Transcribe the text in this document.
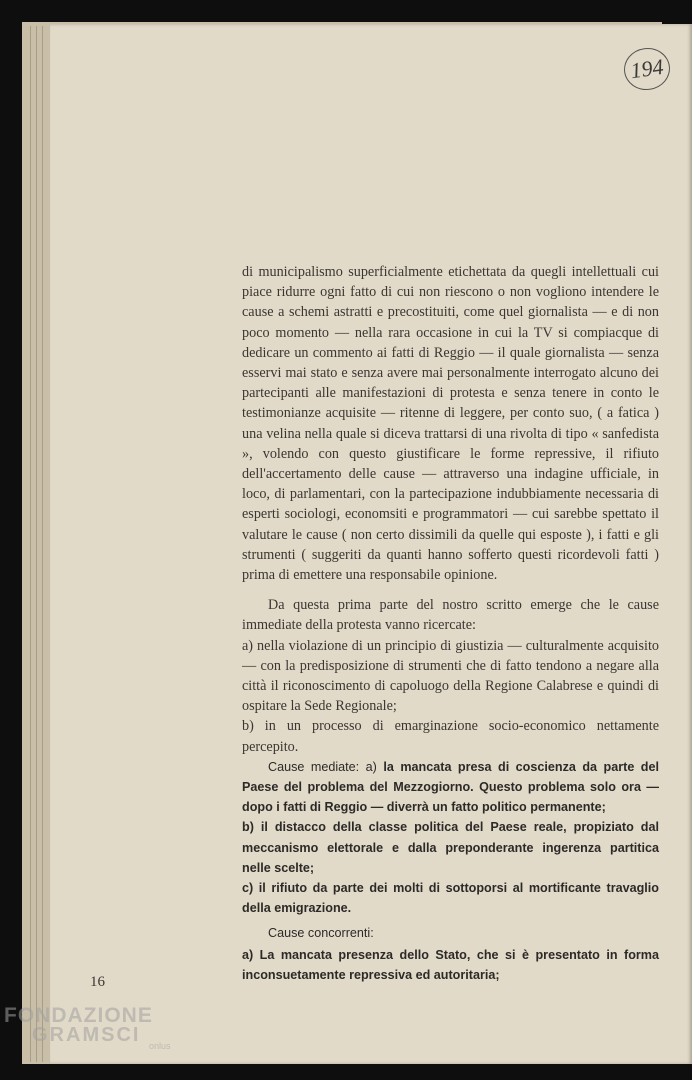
194

di municipalismo superficialmente etichettata da quegli intellettuali cui piace ridurre ogni fatto di cui non riescono o non vogliono intendere le cause a schemi astratti e precostituiti, come quel giornalista — e di non poco momento — nella rara occasione in cui la TV si compiacque di dedicare un commento ai fatti di Reggio — il quale giornalista — senza esservi mai stato e senza avere mai personalmente interrogato alcuno dei partecipanti alle manifestazioni di protesta e senza tenere in conto le testimonianze acquisite — ritenne di leggere, per conto suo, ( a fatica ) una velina nella quale si diceva trattarsi di una rivolta di tipo « sanfedista », volendo con questo giustificare le forme repressive, il rifiuto dell'accertamento delle cause — attraverso una indagine ufficiale, in loco, di parlamentari, con la partecipazione indubbiamente necessaria di esperti sociologi, economsiti e programmatori — cui sarebbe spettato il valutare le cause ( non certo dissimili da quelle qui esposte ), i fatti e gli strumenti ( suggeriti da quanti hanno sofferto questi ricordevoli fatti ) prima di emettere una responsabile opinione.

Da questa prima parte del nostro scritto emerge che le cause immediate della protesta vanno ricercate:

a) nella violazione di un principio di giustizia — culturalmente acquisito — con la predisposizione di strumenti che di fatto tendono a negare alla città il riconoscimento di capoluogo della Regione Calabrese e quindi di ospitare la Sede Regionale;

b) in un processo di emarginazione socio-economico nettamente percepito.

Cause mediate: a) la mancata presa di coscienza da parte del Paese del problema del Mezzogiorno. Questo problema solo ora — dopo i fatti di Reggio — diverrà un fatto politico permanente;

b) il distacco della classe politica del Paese reale, propiziato dal meccanismo elettorale e dalla preponderante ingerenza partitica nelle scelte;

c) il rifiuto da parte dei molti di sottoporsi al mortificante travaglio della emigrazione.

Cause concorrenti:

a) La mancata presenza dello Stato, che si è presentato in forma inconsuetamente repressiva ed autoritaria;

16
FONDAZIONE
GRAMSCI onlus
